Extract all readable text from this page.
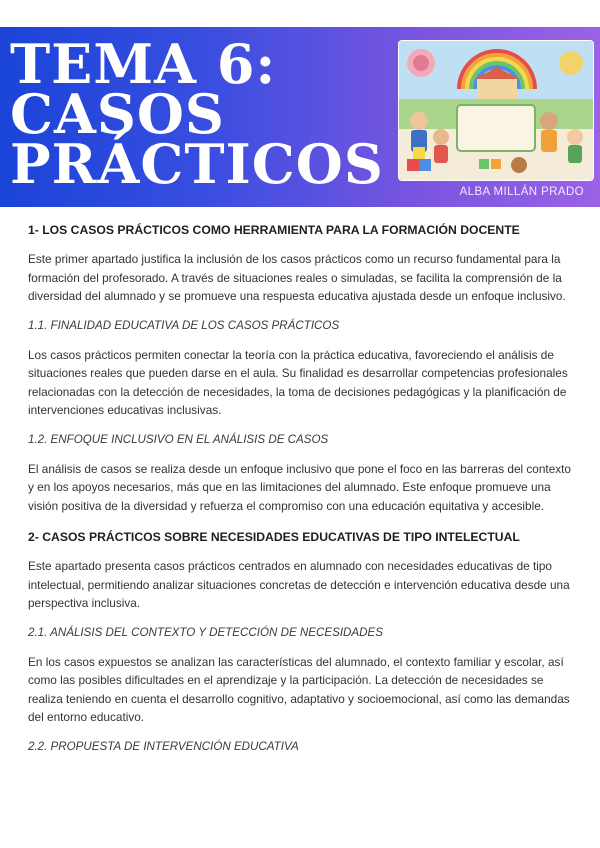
TEMA 6:
CASOS
PRÁCTICOS	ALBA MILLÁN PRADO
1- LOS CASOS PRÁCTICOS COMO HERRAMIENTA PARA LA FORMACIÓN DOCENTE
Este primer apartado justifica la inclusión de los casos prácticos como un recurso fundamental para la formación del profesorado. A través de situaciones reales o simuladas, se facilita la comprensión de la diversidad del alumnado y se promueve una respuesta educativa ajustada desde un enfoque inclusivo.
1.1. FINALIDAD EDUCATIVA DE LOS CASOS PRÁCTICOS
Los casos prácticos permiten conectar la teoría con la práctica educativa, favoreciendo el análisis de situaciones reales que pueden darse en el aula. Su finalidad es desarrollar competencias profesionales relacionadas con la detección de necesidades, la toma de decisiones pedagógicas y la planificación de intervenciones educativas inclusivas.
1.2. ENFOQUE INCLUSIVO EN EL ANÁLISIS DE CASOS
El análisis de casos se realiza desde un enfoque inclusivo que pone el foco en las barreras del contexto y en los apoyos necesarios, más que en las limitaciones del alumnado. Este enfoque promueve una visión positiva de la diversidad y refuerza el compromiso con una educación equitativa y accesible.
2- CASOS PRÁCTICOS SOBRE NECESIDADES EDUCATIVAS DE TIPO INTELECTUAL
Este apartado presenta casos prácticos centrados en alumnado con necesidades educativas de tipo intelectual, permitiendo analizar situaciones concretas de detección e intervención educativa desde una perspectiva inclusiva.
2.1. ANÁLISIS DEL CONTEXTO Y DETECCIÓN DE NECESIDADES
En los casos expuestos se analizan las características del alumnado, el contexto familiar y escolar, así como las posibles dificultades en el aprendizaje y la participación. La detección de necesidades se realiza teniendo en cuenta el desarrollo cognitivo, adaptativo y socioemocional, así como las demandas del entorno educativo.
2.2. PROPUESTA DE INTERVENCIÓN EDUCATIVA
